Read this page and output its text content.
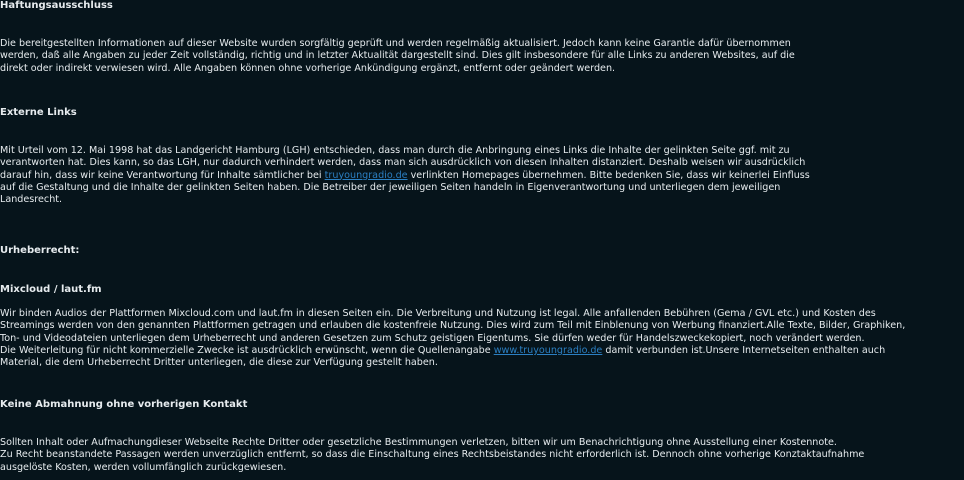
Haftungsausschluss
Die bereitgestellten Informationen auf dieser Website wurden sorgfältig geprüft und werden regelmäßig aktualisiert. Jedoch kann keine Garantie dafür übernommen
werden, daß alle Angaben zu jeder Zeit vollständig, richtig und in letzter Aktualität dargestellt sind. Dies gilt insbesondere für alle Links zu anderen Websites, auf die
direkt oder indirekt verwiesen wird. Alle Angaben können ohne vorherige Ankündigung ergänzt, entfernt oder geändert werden.
Externe Links
Mit Urteil vom 12. Mai 1998 hat das Landgericht Hamburg (LGH) entschieden, dass man durch die Anbringung eines Links die Inhalte der gelinkten Seite ggf. mit zu
verantworten hat. Dies kann, so das LGH, nur dadurch verhindert werden, dass man sich ausdrücklich von diesen Inhalten distanziert. Deshalb weisen wir ausdrücklich
darauf hin, dass wir keine Verantwortung für Inhalte sämtlicher bei truyoungradio.de verlinkten Homepages übernehmen. Bitte bedenken Sie, dass wir keinerlei Einfluss
auf die Gestaltung und die Inhalte der gelinkten Seiten haben. Die Betreiber der jeweiligen Seiten handeln in Eigenverantwortung und unterliegen dem jeweiligen
Landesrecht.
Urheberrecht:
Mixcloud / laut.fm
Wir binden Audios der Plattformen Mixcloud.com und laut.fm in diesen Seiten ein. Die Verbreitung und Nutzung ist legal. Alle anfallenden Bebühren (Gema / GVL etc.) und Kosten des
Streamings werden von den genannten Plattformen getragen und erlauben die kostenfreie Nutzung. Dies wird zum Teil mit Einblenung von Werbung finanziert.Alle Texte, Bilder, Graphiken,
Ton- und Videodateien unterliegen dem Urheberrecht und anderen Gesetzen zum Schutz geistigen Eigentums. Sie dürfen weder für Handelszweckekopiert, noch verändert werden.
Die Weiterleitung für nicht kommerzielle Zwecke ist ausdrücklich erwünscht, wenn die Quellenangabe www.truyoungradio.de damit verbunden ist.Unsere Internetseiten enthalten auch
Material, die dem Urheberrecht Dritter unterliegen, die diese zur Verfügung gestellt haben.
Keine Abmahnung ohne vorherigen Kontakt
Sollten Inhalt oder Aufmachungdieser Webseite Rechte Dritter oder gesetzliche Bestimmungen verletzen, bitten wir um Benachrichtigung ohne Ausstellung einer Kostennote.
Zu Recht beanstandete Passagen werden unverzüglich entfernt, so dass die Einschaltung eines Rechtsbeistandes nicht erforderlich ist. Dennoch ohne vorherige Konztaktaufnahme
ausgelöste Kosten, werden vollumfänglich zurückgewiesen.
